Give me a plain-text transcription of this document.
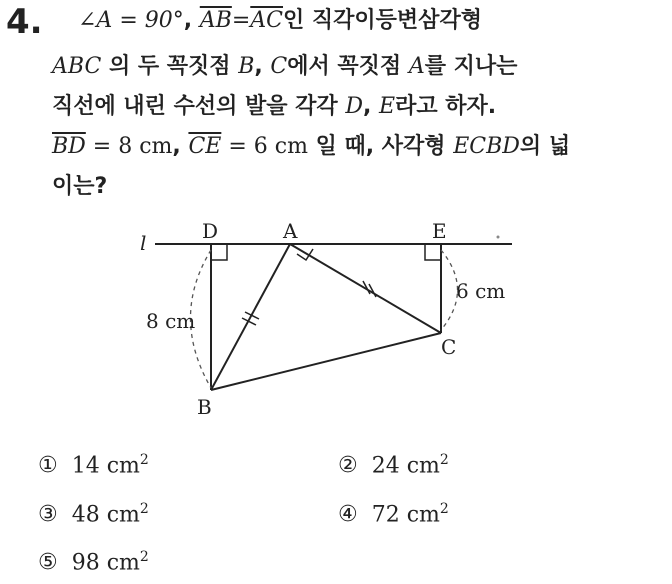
4. ∠A = 90°, $\overline{AB}=\overline{AC}$인 직각이등변삼각형
ABC 의 두 꼭짓점 B, C에서 꼭짓점 A를 지나는
직선에 내린 수선의 발을 각각 D, E라고 하자.
$\overline{BD} = 8$ cm, $\overline{CE} = 6$ cm 일 때, 사각형 ECBD의 넓
이는?
l	D	A	E
B
C
8 cm
6 cm
① 14 $cm^2$	② 24 $cm^2$
③ 48 $cm^2$	④ 72 $cm^2$
⑤ 98 $cm^2$
